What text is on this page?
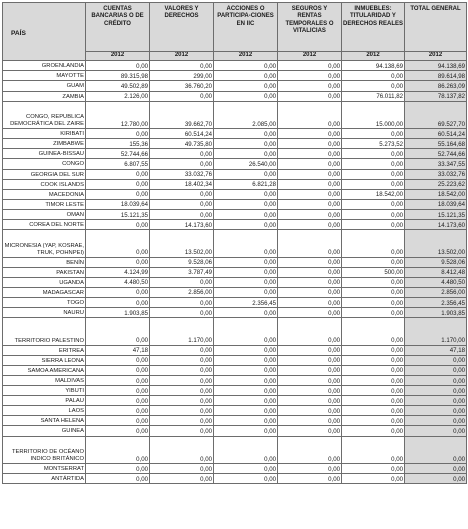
PAÍS	CUENTAS BANCARIAS O DE CRÉDITO	VALORES Y DERECHOS	ACCIONES O PARTICIPA-CIONES EN IIC	SEGUROS Y RENTAS TEMPORALES O VITALICIAS	INMUEBLES: TITULARIDAD Y DERECHOS REALES	TOTAL GENERAL
	2012	2012	2012	2012	2012	2012
GROENLANDIA	0,00	0,00	0,00	0,00	94.138,69	94.138,69
MAYOTTE	89.315,98	299,00	0,00	0,00	0,00	89.614,98
GUAM	49.502,89	36.760,20	0,00	0,00	0,00	86.263,09
ZAMBIA	2.126,00	0,00	0,00	0,00	76.011,82	78.137,82
CONGO, REPUBLICA DEMOCRÁTICA DEL ZAIRE	12.780,00	39.662,70	2.085,00	0,00	15.000,00	69.527,70
KIRIBATI	0,00	60.514,24	0,00	0,00	0,00	60.514,24
ZIMBABWE	155,36	49.735,80	0,00	0,00	5.273,52	55.164,68
GUINEA-BISSAU	52.744,66	0,00	0,00	0,00	0,00	52.744,66
CONGO	6.807,55	0,00	26.540,00	0,00	0,00	33.347,55
GEORGIA DEL SUR	0,00	33.032,76	0,00	0,00	0,00	33.032,76
COOK ISLANDS	0,00	18.402,34	6.821,28	0,00	0,00	25.223,62
MACEDONIA	0,00	0,00	0,00	0,00	18.542,00	18.542,00
TIMOR LESTE	18.039,64	0,00	0,00	0,00	0,00	18.039,64
OMAN	15.121,35	0,00	0,00	0,00	0,00	15.121,35
COREA DEL NORTE	0,00	14.173,60	0,00	0,00	0,00	14.173,60
MICRONESIA (YAP, KOSRAE, TRUK, POHNPEI)	0,00	13.502,00	0,00	0,00	0,00	13.502,00
BENÍN	0,00	9.528,06	0,00	0,00	0,00	9.528,06
PAKISTAN	4.124,99	3.787,49	0,00	0,00	500,00	8.412,48
UGANDA	4.480,50	0,00	0,00	0,00	0,00	4.480,50
MADAGASCAR	0,00	2.856,00	0,00	0,00	0,00	2.856,00
TOGO	0,00	0,00	2.356,45	0,00	0,00	2.356,45
NAURU	1.903,85	0,00	0,00	0,00	0,00	1.903,85
TERRITORIO PALESTINO	0,00	1.170,00	0,00	0,00	0,00	1.170,00
ERITREA	47,18	0,00	0,00	0,00	0,00	47,18
SIERRA LEONA	0,00	0,00	0,00	0,00	0,00	0,00
SAMOA AMERICANA	0,00	0,00	0,00	0,00	0,00	0,00
MALDIVAS	0,00	0,00	0,00	0,00	0,00	0,00
YIBUTI	0,00	0,00	0,00	0,00	0,00	0,00
PALAU	0,00	0,00	0,00	0,00	0,00	0,00
LAOS	0,00	0,00	0,00	0,00	0,00	0,00
SANTA HELENA	0,00	0,00	0,00	0,00	0,00	0,00
GUINEA	0,00	0,00	0,00	0,00	0,00	0,00
TERRITORIO DE OCÉANO INDICO BRITÁNICO	0,00	0,00	0,00	0,00	0,00	0,00
MONTSERRAT	0,00	0,00	0,00	0,00	0,00	0,00
ANTÁRTIDA	0,00	0,00	0,00	0,00	0,00	0,00
